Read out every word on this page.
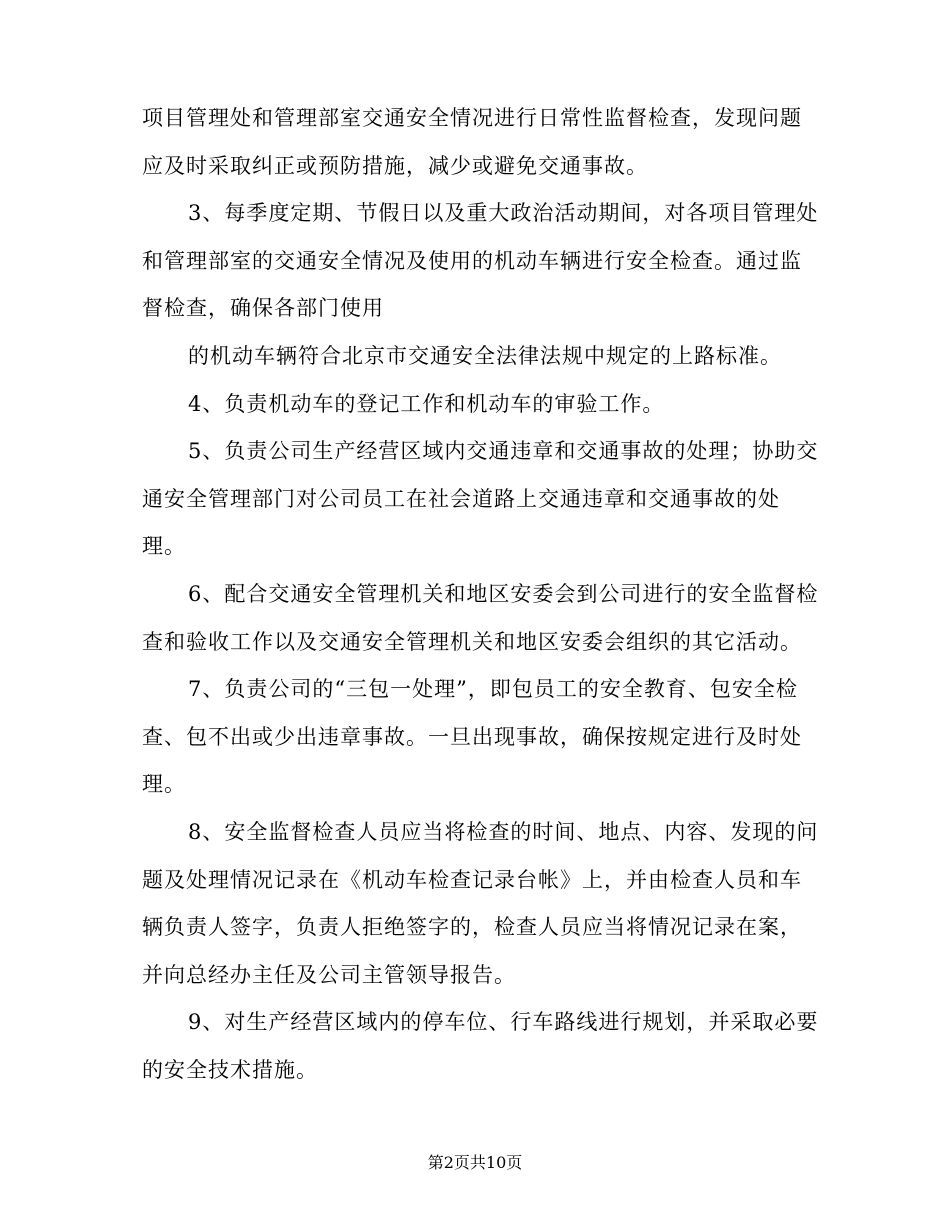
项目管理处和管理部室交通安全情况进行日常性监督检查，发现问题
应及时采取纠正或预防措施，减少或避免交通事故。
3、每季度定期、节假日以及重大政治活动期间，对各项目管理处
和管理部室的交通安全情况及使用的机动车辆进行安全检查。通过监
督检查，确保各部门使用
的机动车辆符合北京市交通安全法律法规中规定的上路标准。
4、负责机动车的登记工作和机动车的审验工作。
5、负责公司生产经营区域内交通违章和交通事故的处理；协助交
通安全管理部门对公司员工在社会道路上交通违章和交通事故的处
理。
6、配合交通安全管理机关和地区安委会到公司进行的安全监督检
查和验收工作以及交通安全管理机关和地区安委会组织的其它活动。
7、负责公司的“三包一处理”，即包员工的安全教育、包安全检
查、包不出或少出违章事故。一旦出现事故，确保按规定进行及时处
理。
8、安全监督检查人员应当将检查的时间、地点、内容、发现的问
题及处理情况记录在《机动车检查记录台帐》上，并由检查人员和车
辆负责人签字，负责人拒绝签字的，检查人员应当将情况记录在案，
并向总经办主任及公司主管领导报告。
9、对生产经营区域内的停车位、行车路线进行规划，并采取必要
的安全技术措施。
第2页共10页
